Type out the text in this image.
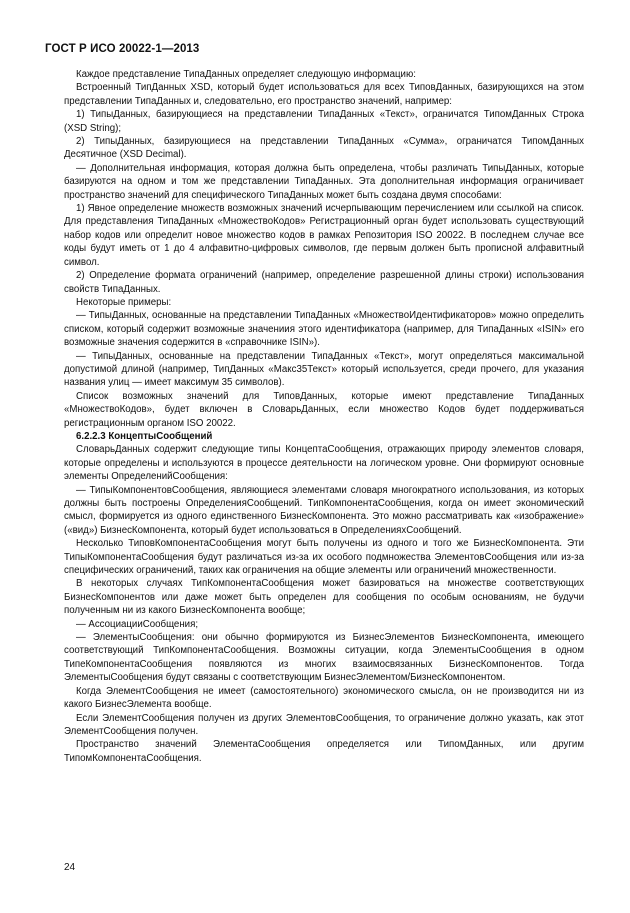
ГОСТ Р ИСО 20022-1—2013

Каждое представление ТипаДанных определяет следующую информацию:

Встроенный ТипДанных XSD, который будет использоваться для всех ТиповДанных, базирующихся на этом представлении ТипаДанных и, следовательно, его пространство значений, например:

1) ТипыДанных, базирующиеся на представлении ТипаДанных «Текст», ограничатся ТипомДанных Строка (XSD String);

2) ТипыДанных, базирующиеся на представлении ТипаДанных «Сумма», ограничатся ТипомДанных Десятичное (XSD Decimal).

— Дополнительная информация, которая должна быть определена, чтобы различать ТипыДанных, которые базируются на одном и том же представлении ТипаДанных. Эта дополнительная информация ограничивает пространство значений для специфического ТипаДанных может быть создана двумя способами:

1) Явное определение множеств возможных значений исчерпывающим перечислением или ссылкой на список. Для представления ТипаДанных «МножествоКодов» Регистрационный орган будет использовать существующий набор кодов или определит новое множество кодов в рамках Репозитория ISO 20022. В последнем случае все коды будут иметь от 1 до 4 алфавитно-цифровых символов, где первым должен быть прописной алфавитный символ.

2) Определение формата ограничений (например, определение разрешенной длины строки) использования свойств ТипаДанных.

Некоторые примеры:

— ТипыДанных, основанные на представлении ТипаДанных «МножествоИдентификаторов» можно определить списком, который содержит возможные значениия этого идентификатора (например, для ТипаДанных «ISIN» его возможные значения содержится в «справочнике ISIN»).

— ТипыДанных, основанные на представлении ТипаДанных «Текст», могут определяться максимальной допустимой длиной (например, ТипДанных «Макс35Текст» который используется, среди прочего, для указания названия улиц — имеет максимум 35 символов).

Список возможных значений для ТиповДанных, которые имеют представление ТипаДанных «МножествоКодов», будет включен в СловарьДанных, если множество Кодов будет поддерживаться регистрационным органом ISO 20022.

6.2.2.3 КонцептыСообщений

СловарьДанных содержит следующие типы КонцептаСообщения, отражающих природу элементов словаря, которые определены и используются в процессе деятельности на логическом уровне. Они формируют основные элементы ОпределенийСообщения:

— ТипыКомпонентовСообщения, являющиеся элементами словаря многократного использования, из которых должны быть построены ОпределенияСообщений. ТипКомпонентаСообщения, когда он имеет экономический смысл, формируется из одного единственного БизнесКомпонента. Это можно рассматривать как «изображение» («вид») БизнесКомпонента, который будет использоваться в ОпределенияхСообщений.

Несколько ТиповКомпонентаСообщения могут быть получены из одного и того же БизнесКомпонента. Эти ТипыКомпонентаСообщения будут различаться из-за их особого подмножества ЭлементовСообщения или из-за специфических ограничений, таких как ограничения на общие элементы или ограничений множественности.

В некоторых случаях ТипКомпонентаСообщения может базироваться на множестве соответствующих БизнесКомпонентов или даже может быть определен для сообщения по особым основаниям, не будучи полученным ни из какого БизнесКомпонента вообще;

— АссоциацииСообщения;

— ЭлементыСообщения: они обычно формируются из БизнесЭлементов БизнесКомпонента, имеющего соответствующий ТипКомпонентаСообщения. Возможны ситуации, когда ЭлементыСообщения в одном ТипеКомпонентаСообщения появляются из многих взаимосвязанных БизнесКомпонентов. Тогда ЭлементыСообщения будут связаны с соответствующим БизнесЭлементом/БизнесКомпонентом.

Когда ЭлементСообщения не имеет (самостоятельного) экономического смысла, он не производится ни из какого БизнесЭлемента вообще.

Если ЭлементСообщения получен из других ЭлементовСообщения, то ограничение должно указать, как этот ЭлементСообщения получен.

Пространство значений ЭлементаСообщения определяется или ТипомДанных, или другим ТипомКомпонентаСообщения.

24
